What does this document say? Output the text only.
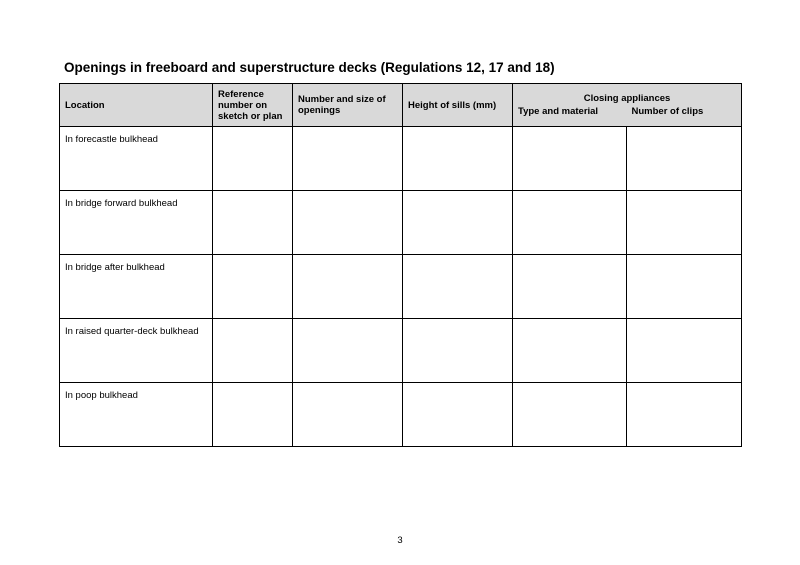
Openings in freeboard and superstructure decks (Regulations 12, 17 and 18)
Location	Reference number on sketch or plan	Number and size of openings	Height of sills (mm)	Closing appliances	
				Type and material	Number of clips
In forecastle bulkhead					
In bridge forward bulkhead					
In bridge after bulkhead					
In raised quarter-deck bulkhead					
In poop bulkhead					
3
